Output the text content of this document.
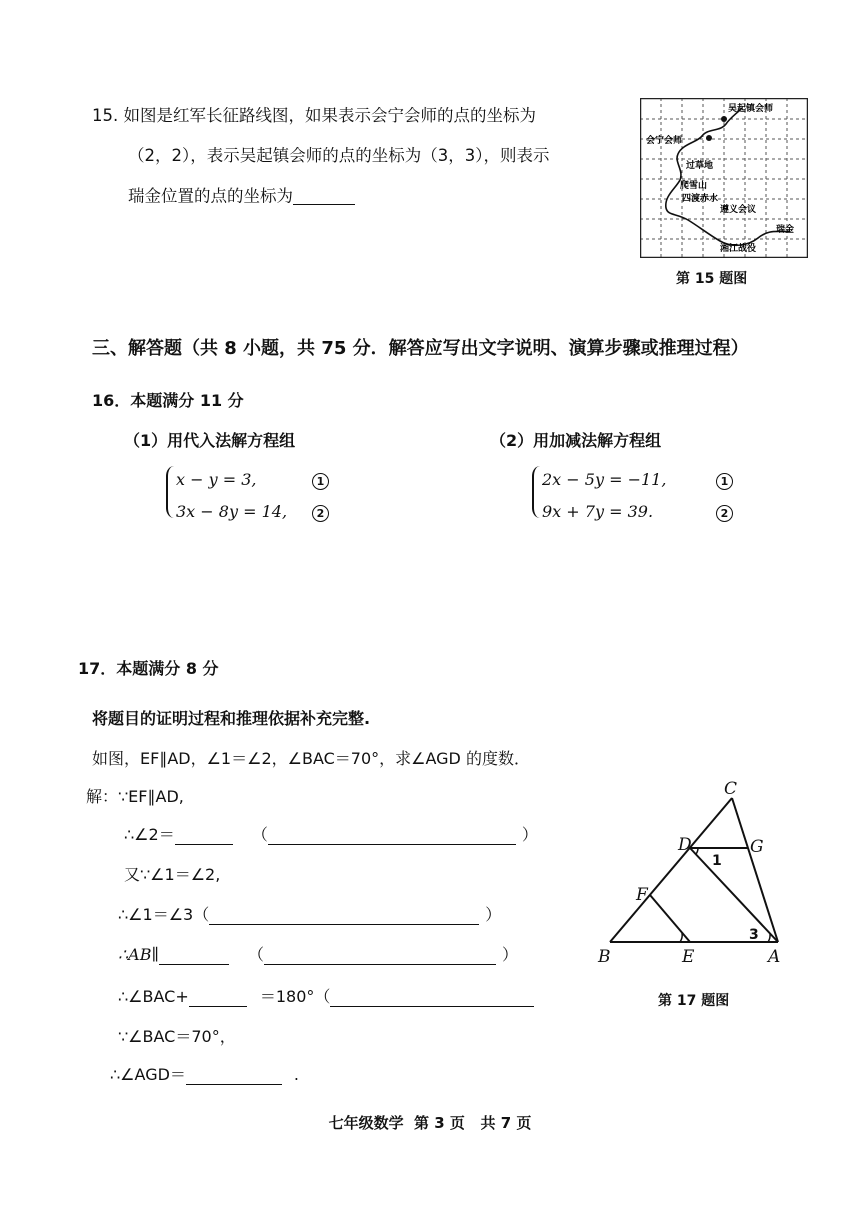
15. 如图是红军长征路线图，如果表示会宁会师的点的坐标为
（2，2），表示吴起镇会师的点的坐标为（3，3），则表示
瑞金位置的点的坐标为
吴起镇会师
会宁会师
过草地
爬雪山
四渡赤水
遵义会议
瑞金
湘江战役
第 15 题图
三、解答题（共 8 小题，共 75 分．解答应写出文字说明、演算步骤或推理过程）
16．本题满分 11 分
（1）用代入法解方程组	（2）用加减法解方程组
x − y = 3,
3x − 8y = 14,
1
2
2x − 5y = −11,
9x + 7y = 39.
1
2
17．本题满分 8 分
将题目的证明过程和推理依据补充完整.
如图，EF∥AD，∠1＝∠2，∠BAC＝70°，求∠AGD 的度数．
解：∵EF∥AD,
∴∠2＝	（	）
又∵∠1＝∠2,
∴∠1＝∠3（	）
∴AB∥	（	）
∴∠BAC+	＝180°（
∵∠BAC＝70°，
∴∠AGD＝	.
C
D	G
F
B	E	A
1
3
第 17 题图
七年级数学  第 3 页   共 7 页
